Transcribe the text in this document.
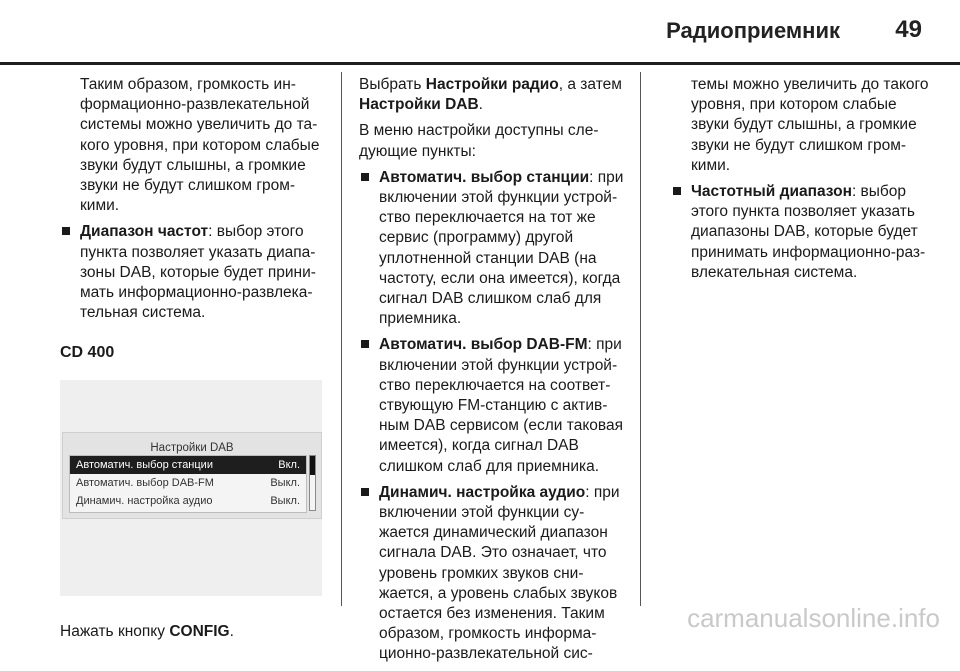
Радиоприемник 49

Таким образом, громкость ин-
формационно-развлекательной
системы можно увеличить до та-
кого уровня, при котором слабые
звуки будут слышны, а громкие
звуки не будут слишком гром-
кими.

Диапазон частот: выбор этого
пункта позволяет указать диапа-
зоны DAB, которые будет прини-
мать информационно-развлека-
тельная система.
CD 400
Настройки DAB
Автоматич. выбор станции	Вкл.
Автоматич. выбор DAB-FM	Выкл.
Динамич. настройка аудио	Выкл.

Нажать кнопку CONFIG.

Выбрать Настройки радио, а затем
Настройки DAB.

В меню настройки доступны сле-
дующие пункты:

Автоматич. выбор станции: при
включении этой функции устрой-
ство переключается на тот же
сервис (программу) другой
уплотненной станции DAB (на
частоту, если она имеется), когда
сигнал DAB слишком слаб для
приемника.
Автоматич. выбор DAB-FM: при
включении этой функции устрой-
ство переключается на соответ-
ствующую FM-станцию с актив-
ным DAB сервисом (если таковая
имеется), когда сигнал DAB
слишком слаб для приемника.
Динамич. настройка аудио: при
включении этой функции су-
жается динамический диапазон
сигнала DAB. Это означает, что
уровень громких звуков сни-
жается, а уровень слабых звуков
остается без изменения. Таким
образом, громкость информа-
ционно-развлекательной сис-

темы можно увеличить до такого
уровня, при котором слабые
звуки будут слышны, а громкие
звуки не будут слишком гром-
кими.

Частотный диапазон: выбор
этого пункта позволяет указать
диапазоны DAB, которые будет
принимать информационно-раз-
влекательная система.
carmanualsonline.info
